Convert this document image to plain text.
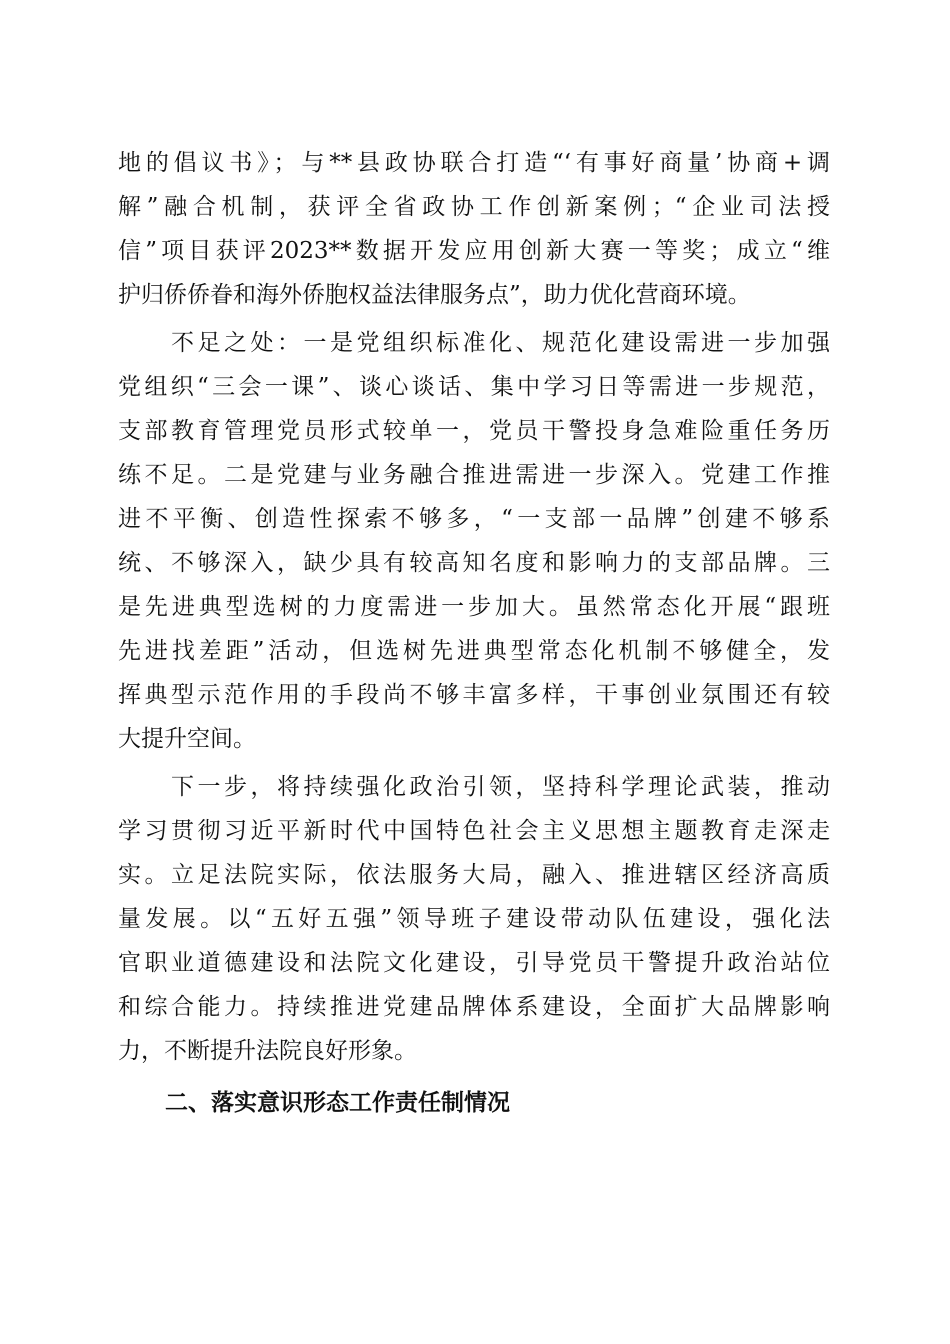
地的倡议书》；与**县政协联合打造“‘有事好商量’协商+调
解”融合机制，获评全省政协工作创新案例；“企业司法授
信”项目获评2023**数据开发应用创新大赛一等奖；成立“维
护归侨侨眷和海外侨胞权益法律服务点”，助力优化营商环境。
　　不足之处：一是党组织标准化、规范化建设需进一步加强
党组织“三会一课”、谈心谈话、集中学习日等需进一步规范，
支部教育管理党员形式较单一，党员干警投身急难险重任务历
练不足。二是党建与业务融合推进需进一步深入。党建工作推
进不平衡、创造性探索不够多，“一支部一品牌”创建不够系
统、不够深入，缺少具有较高知名度和影响力的支部品牌。三
是先进典型选树的力度需进一步加大。虽然常态化开展“跟班
先进找差距”活动，但选树先进典型常态化机制不够健全，发
挥典型示范作用的手段尚不够丰富多样，干事创业氛围还有较
大提升空间。
　　下一步，将持续强化政治引领，坚持科学理论武装，推动
学习贯彻习近平新时代中国特色社会主义思想主题教育走深走
实。立足法院实际，依法服务大局，融入、推进辖区经济高质
量发展。以“五好五强”领导班子建设带动队伍建设，强化法
官职业道德建设和法院文化建设，引导党员干警提升政治站位
和综合能力。持续推进党建品牌体系建设，全面扩大品牌影响
力，不断提升法院良好形象。
二、落实意识形态工作责任制情况
